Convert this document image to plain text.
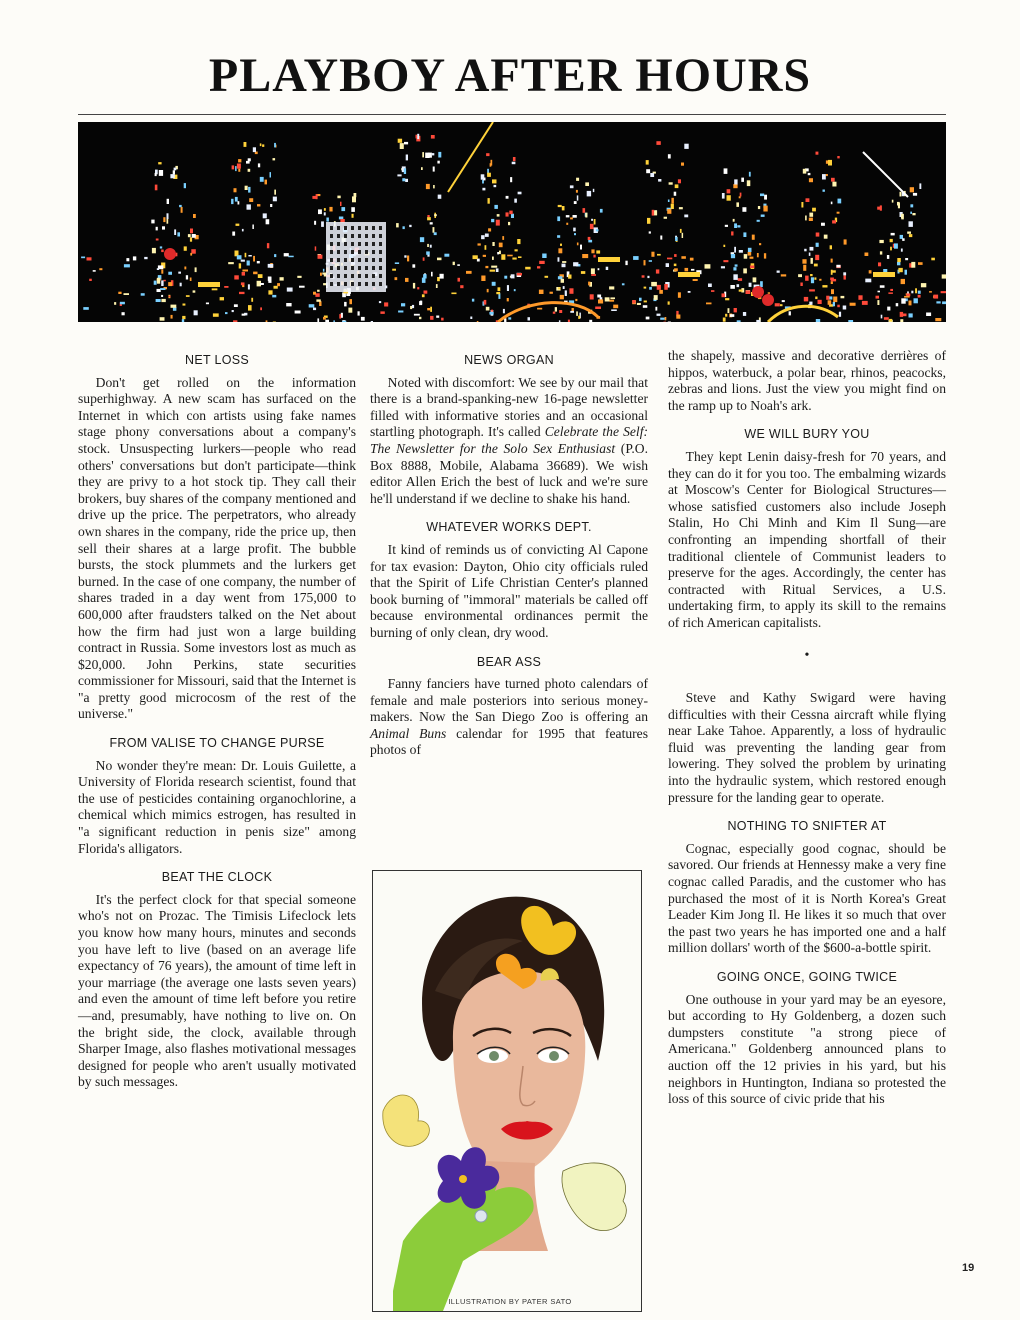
PLAYBOY AFTER HOURS
NET LOSS

Don't get rolled on the information superhighway. A new scam has surfaced on the Internet in which con artists using fake names stage phony conversations about a company's stock. Unsuspecting lurkers—people who read others' conversations but don't participate—think they are privy to a hot stock tip. They call their brokers, buy shares of the company mentioned and drive up the price. The perpetrators, who already own shares in the company, ride the price up, then sell their shares at a large profit. The bubble bursts, the stock plummets and the lurkers get burned. In the case of one company, the number of shares traded in a day went from 175,000 to 600,000 after fraudsters talked on the Net about how the firm had just won a large building contract in Russia. Some investors lost as much as $20,000. John Perkins, state securities commissioner for Missouri, said that the Internet is "a pretty good microcosm of the rest of the universe."

FROM VALISE TO CHANGE PURSE

No wonder they're mean: Dr. Louis Guilette, a University of Florida research scientist, found that the use of pesticides containing organochlorine, a chemical which mimics estrogen, has resulted in "a significant reduction in penis size" among Florida's alligators.

BEAT THE CLOCK

It's the perfect clock for that special someone who's not on Prozac. The Timisis Lifeclock lets you know how many hours, minutes and seconds you have left to live (based on an average life expectancy of 76 years), the amount of time left in your marriage (the average one lasts seven years) and even the amount of time left before you retire—and, presumably, have nothing to live on. On the bright side, the clock, available through Sharper Image, also flashes motivational messages designed for people who aren't usually motivated by such messages.

NEWS ORGAN

Noted with discomfort: We see by our mail that there is a brand-spanking-new 16-page newsletter filled with informative stories and an occasional startling photograph. It's called Celebrate the Self: The Newsletter for the Solo Sex Enthusiast (P.O. Box 8888, Mobile, Alabama 36689). We wish editor Allen Erich the best of luck and we're sure he'll understand if we decline to shake his hand.

WHATEVER WORKS DEPT.

It kind of reminds us of convicting Al Capone for tax evasion: Dayton, Ohio city officials ruled that the Spirit of Life Christian Center's planned book burning of "immoral" materials be called off because environmental ordinances permit the burning of only clean, dry wood.

BEAR ASS

Fanny fanciers have turned photo calendars of female and male posteriors into serious money-makers. Now the San Diego Zoo is offering an Animal Buns calendar for 1995 that features photos of

the shapely, massive and decorative derrières of hippos, waterbuck, a polar bear, rhinos, peacocks, zebras and lions. Just the view you might find on the ramp up to Noah's ark.

WE WILL BURY YOU

They kept Lenin daisy-fresh for 70 years, and they can do it for you too. The embalming wizards at Moscow's Center for Biological Structures—whose satisfied customers also include Joseph Stalin, Ho Chi Minh and Kim Il Sung—are confronting an impending shortfall of their traditional clientele of Communist leaders to preserve for the ages. Accordingly, the center has contracted with Ritual Services, a U.S. undertaking firm, to apply its skill to the remains of rich American capitalists.

•

Steve and Kathy Swigard were having difficulties with their Cessna aircraft while flying near Lake Tahoe. Apparently, a loss of hydraulic fluid was preventing the landing gear from lowering. They solved the problem by urinating into the hydraulic system, which restored enough pressure for the landing gear to operate.

NOTHING TO SNIFTER AT

Cognac, especially good cognac, should be savored. Our friends at Hennessy make a very fine cognac called Paradis, and the customer who has purchased the most of it is North Korea's Great Leader Kim Jong Il. He likes it so much that over the past two years he has imported one and a half million dollars' worth of the $600-a-bottle spirit.

GOING ONCE, GOING TWICE

One outhouse in your yard may be an eyesore, but according to Hy Goldenberg, a dozen such dumpsters constitute "a strong piece of Americana." Goldenberg announced plans to auction off the 12 privies in his yard, but his neighbors in Huntington, Indiana so protested the loss of this source of civic pride that his

ILLUSTRATION BY PATER SATO
19
